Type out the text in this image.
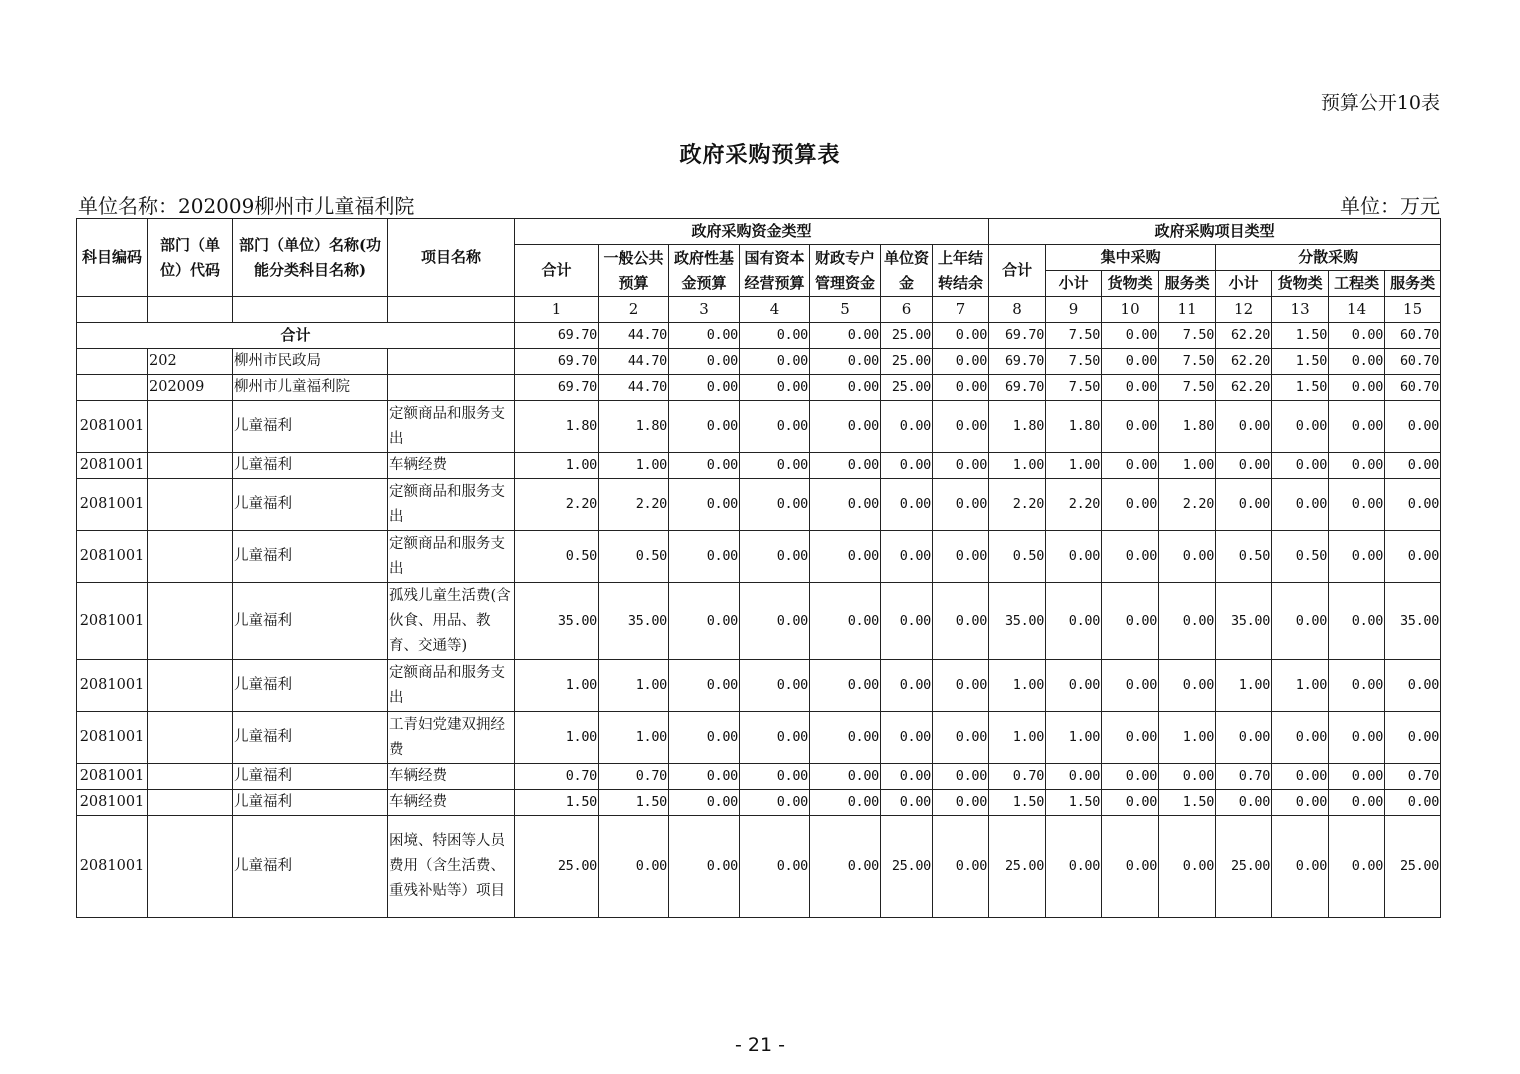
预算公开10表
政府采购预算表
单位名称：202009柳州市儿童福利院	单位：万元
科目编码	部门（单位）代码	部门（单位）名称(功能分类科目名称)	项目名称	政府采购资金类型							政府采购项目类型							
				合计	一般公共预算	政府性基金预算	国有资本经营预算	财政专户管理资金	单位资金	上年结转结余	合计	集中采购			分散采购			
												小计	货物类	服务类	小计	货物类	工程类	服务类
				1	2	3	4	5	6	7	8	9	10	11	12	13	14	15
合计				69.70	44.70	0.00	0.00	0.00	25.00	0.00	69.70	7.50	0.00	7.50	62.20	1.50	0.00	60.70
	202	柳州市民政局		69.70	44.70	0.00	0.00	0.00	25.00	0.00	69.70	7.50	0.00	7.50	62.20	1.50	0.00	60.70
	202009	柳州市儿童福利院		69.70	44.70	0.00	0.00	0.00	25.00	0.00	69.70	7.50	0.00	7.50	62.20	1.50	0.00	60.70
2081001		儿童福利	定额商品和服务支出	1.80	1.80	0.00	0.00	0.00	0.00	0.00	1.80	1.80	0.00	1.80	0.00	0.00	0.00	0.00
2081001		儿童福利	车辆经费	1.00	1.00	0.00	0.00	0.00	0.00	0.00	1.00	1.00	0.00	1.00	0.00	0.00	0.00	0.00
2081001		儿童福利	定额商品和服务支出	2.20	2.20	0.00	0.00	0.00	0.00	0.00	2.20	2.20	0.00	2.20	0.00	0.00	0.00	0.00
2081001		儿童福利	定额商品和服务支出	0.50	0.50	0.00	0.00	0.00	0.00	0.00	0.50	0.00	0.00	0.00	0.50	0.50	0.00	0.00
2081001		儿童福利	孤残儿童生活费(含伙食、用品、教育、交通等)	35.00	35.00	0.00	0.00	0.00	0.00	0.00	35.00	0.00	0.00	0.00	35.00	0.00	0.00	35.00
2081001		儿童福利	定额商品和服务支出	1.00	1.00	0.00	0.00	0.00	0.00	0.00	1.00	0.00	0.00	0.00	1.00	1.00	0.00	0.00
2081001		儿童福利	工青妇党建双拥经费	1.00	1.00	0.00	0.00	0.00	0.00	0.00	1.00	1.00	0.00	1.00	0.00	0.00	0.00	0.00
2081001		儿童福利	车辆经费	0.70	0.70	0.00	0.00	0.00	0.00	0.00	0.70	0.00	0.00	0.00	0.70	0.00	0.00	0.70
2081001		儿童福利	车辆经费	1.50	1.50	0.00	0.00	0.00	0.00	0.00	1.50	1.50	0.00	1.50	0.00	0.00	0.00	0.00
2081001		儿童福利	困境、特困等人员费用（含生活费、重残补贴等）项目	25.00	0.00	0.00	0.00	0.00	25.00	0.00	25.00	0.00	0.00	0.00	25.00	0.00	0.00	25.00
- 21 -
